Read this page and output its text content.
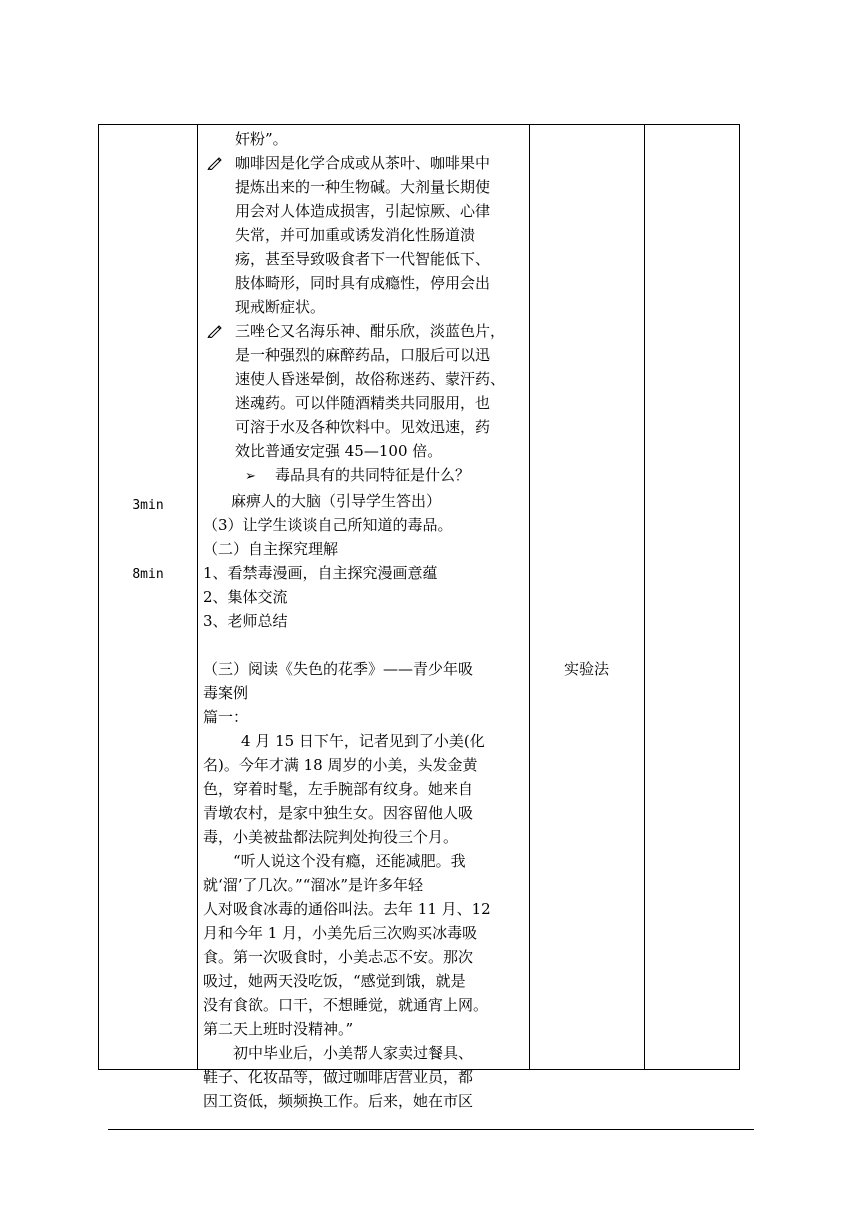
3min
8min
实验法
奸粉”。
咖啡因是化学合成或从茶叶、咖啡果中
提炼出来的一种生物碱。大剂量长期使
用会对人体造成损害，引起惊厥、心律
失常，并可加重或诱发消化性肠道溃
疡，甚至导致吸食者下一代智能低下、
肢体畸形，同时具有成瘾性，停用会出
现戒断症状。
三唑仑又名海乐神、酣乐欣，淡蓝色片，
是一种强烈的麻醉药品，口服后可以迅
速使人昏迷晕倒，故俗称迷药、蒙汗药、
迷魂药。可以伴随酒精类共同服用，也
可溶于水及各种饮料中。见效迅速，药
效比普通安定强 45—100 倍。
➢ 毒品具有的共同特征是什么？
麻痹人的大脑（引导学生答出）
（3）让学生谈谈自己所知道的毒品。
（二）自主探究理解
1、看禁毒漫画，自主探究漫画意蕴
2、集体交流
3、老师总结
（三）阅读《失色的花季》——青少年吸
毒案例
篇一：
4 月 15 日下午，记者见到了小美(化
名)。今年才满 18 周岁的小美，头发金黄
色，穿着时髦，左手腕部有纹身。她来自
青墩农村，是家中独生女。因容留他人吸
毒，小美被盐都法院判处拘役三个月。
“听人说这个没有瘾，还能减肥。我
就‘溜’了几次。”“溜冰”是许多年轻
人对吸食冰毒的通俗叫法。去年 11 月、12
月和今年 1 月，小美先后三次购买冰毒吸
食。第一次吸食时，小美忐忑不安。那次
吸过，她两天没吃饭，“感觉到饿，就是
没有食欲。口干，不想睡觉，就通宵上网。
第二天上班时没精神。”
初中毕业后，小美帮人家卖过餐具、
鞋子、化妆品等，做过咖啡店营业员，都
因工资低，频频换工作。后来，她在市区
